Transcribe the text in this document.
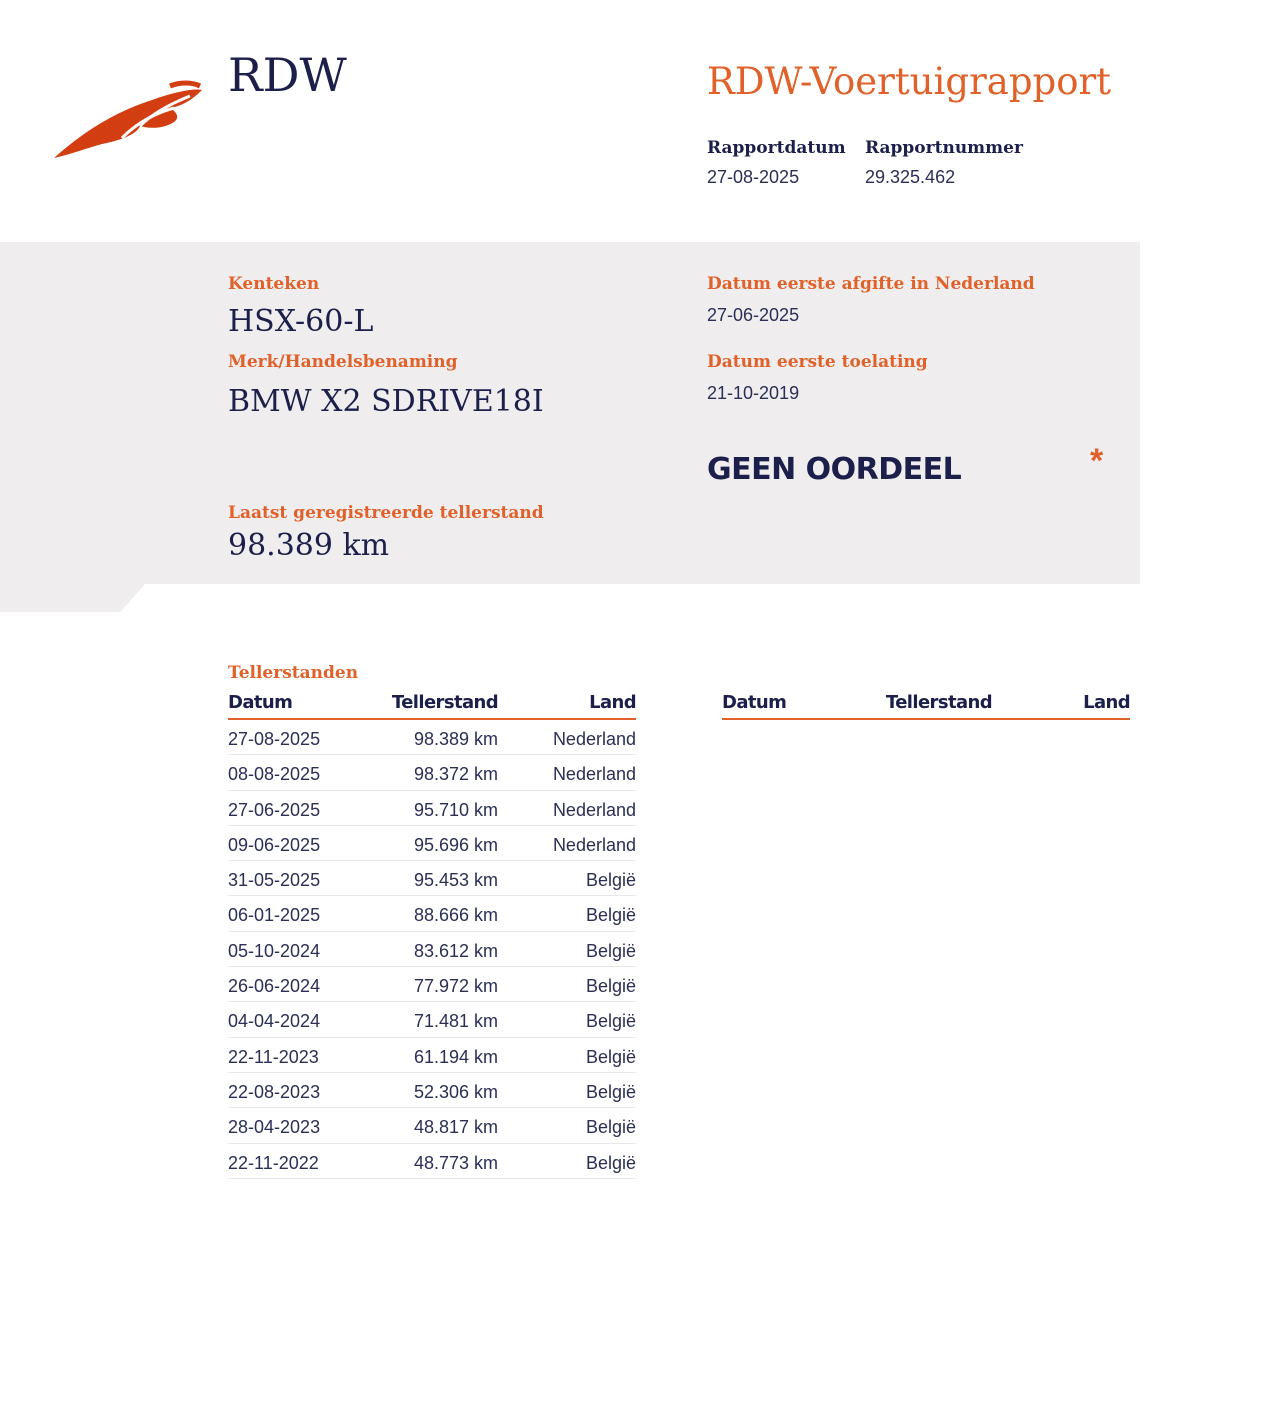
RDW	RDW-Voertuigrapport
Rapportdatum
27-08-2025
Rapportnummer
29.325.462
Kenteken
HSX-60-L
Merk/Handelsbenaming
BMW X2 SDRIVE18I
Laatst geregistreerde tellerstand
98.389 km
Datum eerste afgifte in Nederland
27-06-2025
Datum eerste toelating
21-10-2019
GEEN OORDEEL	*
Tellerstanden
Datum	Tellerstand	Land
27-08-2025	98.389 km	Nederland
08-08-2025	98.372 km	Nederland
27-06-2025	95.710 km	Nederland
09-06-2025	95.696 km	Nederland
31-05-2025	95.453 km	België
06-01-2025	88.666 km	België
05-10-2024	83.612 km	België
26-06-2024	77.972 km	België
04-04-2024	71.481 km	België
22-11-2023	61.194 km	België
22-08-2023	52.306 km	België
28-04-2023	48.817 km	België
22-11-2022	48.773 km	België
Datum	Tellerstand	Land
